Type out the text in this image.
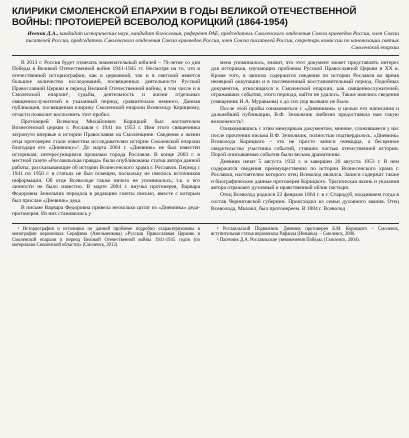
КЛИРИКИ СМОЛЕНСКОЙ ЕПАРХИИ В ГОДЫ ВЕЛИКОЙ ОТЕЧЕСТВЕННОЙ ВОЙНЫ: ПРОТОИЕРЕЙ ВСЕВОЛОД КОРИЦКИЙ (1864-1954)
Иевчик Д.А., кандидат исторических наук, кандидат богословия, референт РАЕ, председатель Смоленского отделения Союза краеведов России, член Союза писателей России, председатель Смоленского отделения Союза краеведов России, член Союза писателей России, секретарь комиссии по канонизации святых Смоленской епархии

В 2013 г. Россия будет отмечать знаменательный юбилей – 70-летие со дня Победы в Великой Отечественной войне 1941-1945 гг. Несмотря на то, что в отечественной историографии, как в церковной, так и в светской имеется большое количество исследований, посвященных деятельности Русской Православной Церкви в период Великой Отечественной войны, в том числе и в Смоленской епархии¹, судьбы, деятельность и жизни отдельных священнослужителей в указанный период, сравнительно немного. Данная публикация, посвященная клирику Смоленской епархии Всеволоду Корицкому, отчасти позволит восполнить этот пробел.

Протоиерей Всеволод Михайлович Корицкий был настоятелем Вознесенской церкви г. Рославля с 1941 по 1953 г. Имя этого священника затронуто впервые в истории Православия на Смоленщине. Сведения о жизни отца протоиерея стали известны исследователям истории Смоленской епархии благодаря его «Дневнику»². До марта 2004 г. «Дневник» не был известен историкам, интересующимся прошлым города Рославля. В конце 2003 г. в местной газете «Рославльская правда» были опубликованы статьи автора данной работы, рассказывающие об истории Вознесенского храма г. Рославля. Период с 1941 по 1950 г. в статьях не был освещен, поскольку не имелось источников информации. Об отце Всеволоде также ничего не упоминалось, т.к. о его личности не было известно. В марте 2004 г. внучка протоиерея, Варвара Федоровна Зезюльчик передала в редакцию газеты письмо, вместе с которым был прислан «Дневник» деда.

В письме Варвара Федоровна привела несколько цитат из «Дневника» деда-протоиерея. Из них становились у

мена упоминалось, значит, что этот документ может представлять интерес для историков, изучающих проблемы Русской Православной Церкви в XX в. Кроме того, в записях содержатся сведения по истории Рославля во время немецкой оккупации и в послевоенный восстановительный период. Подобных документов, относящихся к Смоленской епархии, как священнослужителей, отражавших события, этого периода, найти не удалось. Также имелись сведения (священник И.А. Муравьева) о до сих пор вызвано не было.

После этой пробы ознакомиться с «Дневником» и целью его написания и дальнейшей публикации, В.Ф. Зезюльчик любезно предоставила нам такую возможность³.

Ознакомившись с этим мемуарным документом, мнение, сложившееся у нас после прочтения письма В.Ф. Зезюльчик, полностью подтвердилось. «Дневник» Всеволода Корицкого – это не просто записи очевидца, а бесценное свидетельство участника событий, ставших частью отечественной истории. Порой описываемые события были весьма драматичны.

Дневник начат 5 августа 1932 г. и завершен 20 августа 1953 г. В нем содержатся сведения преимущественно по истории Вознесенского храма г. Рославля, настоятелем которого отец Всеволод являлся. Записи содержат также и биографические данные протоиерея Корицкого. Трагическая жизнь и указания автора отражают духовный и нравственный облик пастыря.

Отец Всеволод родился 22 февраля 1864 г. в г. Стародуб, входившем тогда в состав Черниговской губернии. Происходил из семьи духовного звания. Отец Всеволода, Михаил, был протоиереем. В 1884 г. Всеволод

¹ Историография и источники по данной проблеме подробно охарактеризованы в монографии иеромонаха Серафима (Амельченкова) «Русская Православная Церковь в Смоленской епархии в период Великой Отечественной войны 1941-1945 годов (по материалам Смоленской области)» (Смоленск, 2012).

² Рославльский Подвижник. Дневник протоиерея Б.М. Корицкого – Смоленск, вступительная статья иеромонаха Рафаила (Иевчика). – Смоленск, 2006.

³ Пасечник Д.А. Рославльские увековечения Победы. (Смоленск, 2004).
